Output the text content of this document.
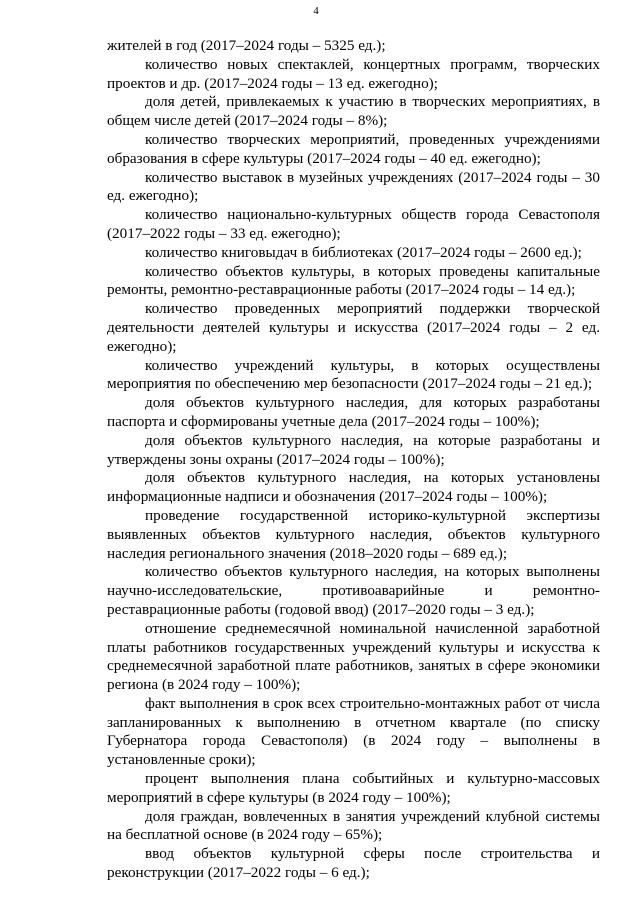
4

жителей в год (2017–2024 годы – 5325 ед.);

количество новых спектаклей, концертных программ, творческих проектов и др. (2017–2024 годы – 13 ед. ежегодно);

доля детей, привлекаемых к участию в творческих мероприятиях, в общем числе детей (2017–2024 годы – 8%);

количество творческих мероприятий, проведенных учреждениями образования в сфере культуры (2017–2024 годы – 40 ед. ежегодно);

количество выставок в музейных учреждениях (2017–2024 годы – 30 ед. ежегодно);

количество национально-культурных обществ города Севастополя (2017–2022 годы – 33 ед. ежегодно);

количество книговыдач в библиотеках (2017–2024 годы – 2600 ед.);

количество объектов культуры, в которых проведены капитальные ремонты, ремонтно-реставрационные работы (2017–2024 годы – 14 ед.);

количество проведенных мероприятий поддержки творческой деятельности деятелей культуры и искусства (2017–2024 годы – 2 ед. ежегодно);

количество учреждений культуры, в которых осуществлены мероприятия по обеспечению мер безопасности (2017–2024 годы – 21 ед.);

доля объектов культурного наследия, для которых разработаны паспорта и сформированы учетные дела (2017–2024 годы – 100%);

доля объектов культурного наследия, на которые разработаны и утверждены зоны охраны (2017–2024 годы – 100%);

доля объектов культурного наследия, на которых установлены информационные надписи и обозначения (2017–2024 годы – 100%);

проведение государственной историко-культурной экспертизы выявленных объектов культурного наследия, объектов культурного наследия регионального значения (2018–2020 годы – 689 ед.);

количество объектов культурного наследия, на которых выполнены научно-исследовательские, противоаварийные и ремонтно-реставрационные работы (годовой ввод) (2017–2020 годы – 3 ед.);

отношение среднемесячной номинальной начисленной заработной платы работников государственных учреждений культуры и искусства к среднемесячной заработной плате работников, занятых в сфере экономики региона (в 2024 году – 100%);

факт выполнения в срок всех строительно-монтажных работ от числа запланированных к выполнению в отчетном квартале (по списку Губернатора города Севастополя) (в 2024 году – выполнены в установленные сроки);

процент выполнения плана событийных и культурно-массовых мероприятий в сфере культуры (в 2024 году – 100%);

доля граждан, вовлеченных в занятия учреждений клубной системы на бесплатной основе (в 2024 году – 65%);

ввод объектов культурной сферы после строительства и реконструкции (2017–2022 годы – 6 ед.);
